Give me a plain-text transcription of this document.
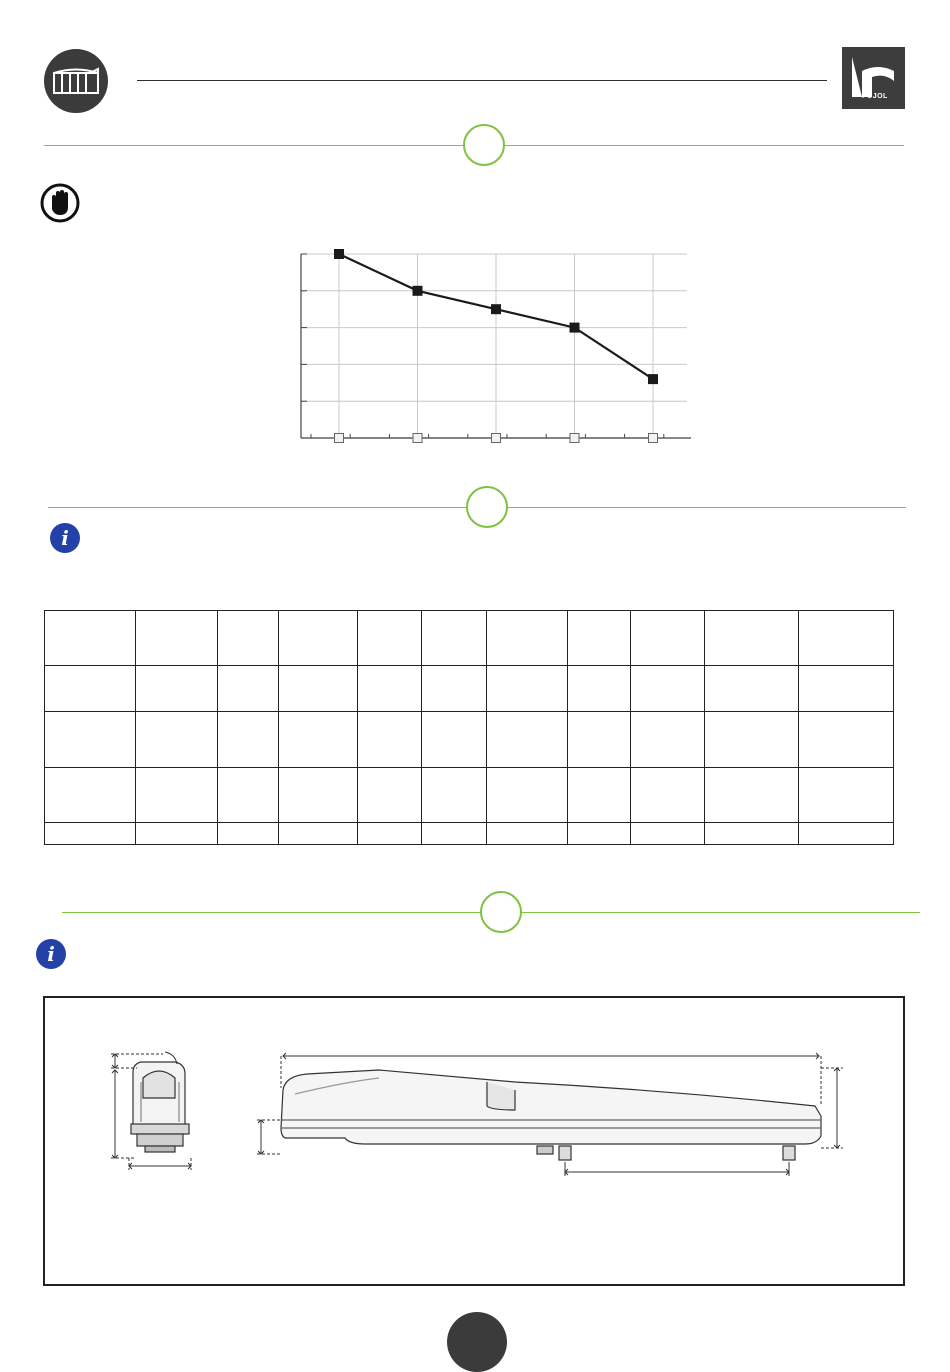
PUJOL
i

i
